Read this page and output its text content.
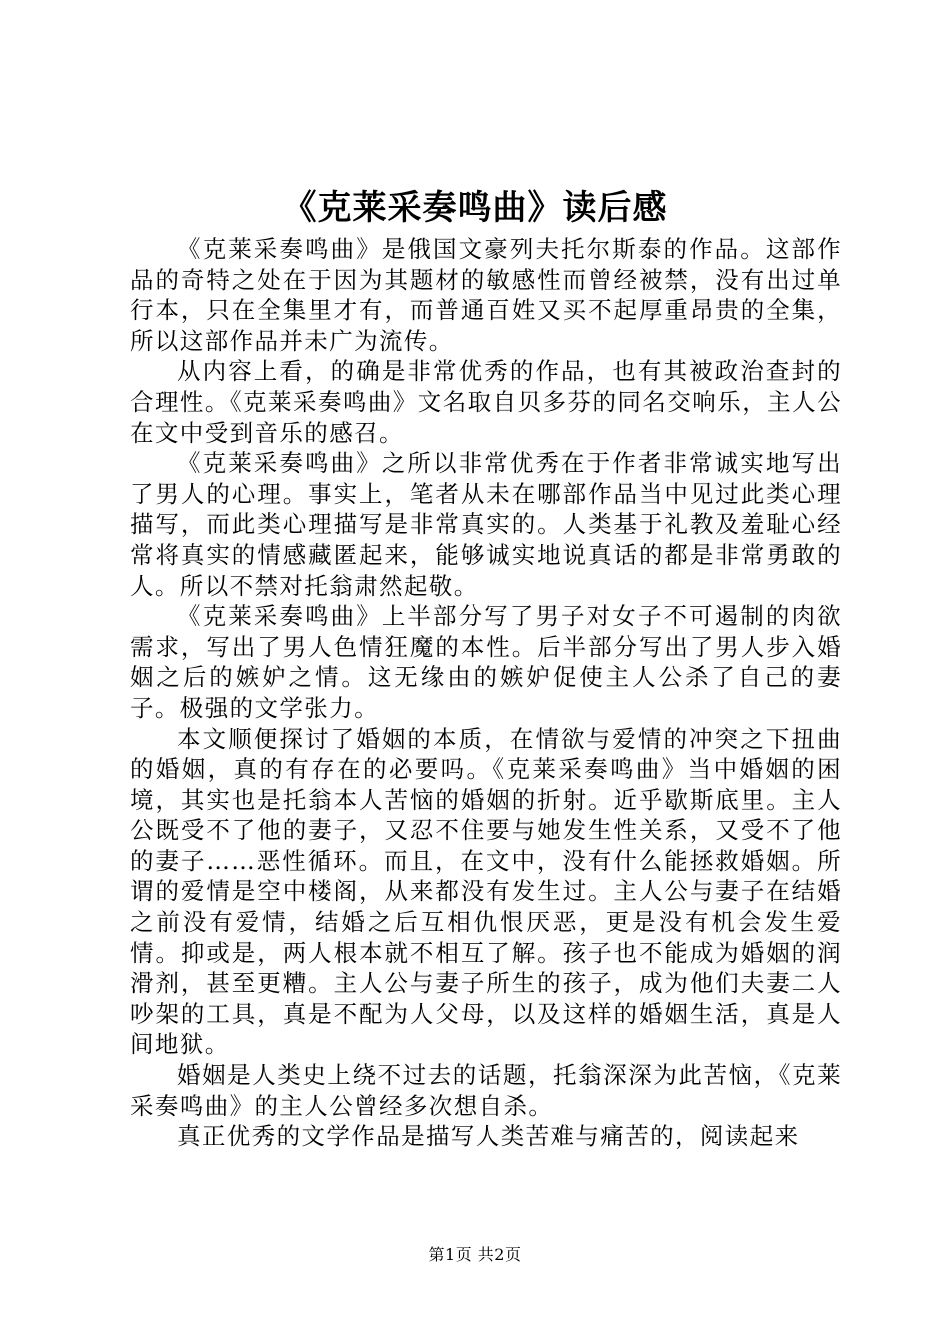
《克莱采奏鸣曲》读后感

《克莱采奏鸣曲》是俄国文豪列夫托尔斯泰的作品。这部作品的奇特之处在于因为其题材的敏感性而曾经被禁，没有出过单行本，只在全集里才有，而普通百姓又买不起厚重昂贵的全集，所以这部作品并未广为流传。

从内容上看，的确是非常优秀的作品，也有其被政治查封的合理性。《克莱采奏鸣曲》文名取自贝多芬的同名交响乐，主人公在文中受到音乐的感召。

《克莱采奏鸣曲》之所以非常优秀在于作者非常诚实地写出了男人的心理。事实上，笔者从未在哪部作品当中见过此类心理描写，而此类心理描写是非常真实的。人类基于礼教及羞耻心经常将真实的情感藏匿起来，能够诚实地说真话的都是非常勇敢的人。所以不禁对托翁肃然起敬。

《克莱采奏鸣曲》上半部分写了男子对女子不可遏制的肉欲需求，写出了男人色情狂魔的本性。后半部分写出了男人步入婚姻之后的嫉妒之情。这无缘由的嫉妒促使主人公杀了自己的妻子。极强的文学张力。

本文顺便探讨了婚姻的本质，在情欲与爱情的冲突之下扭曲的婚姻，真的有存在的必要吗。《克莱采奏鸣曲》当中婚姻的困境，其实也是托翁本人苦恼的婚姻的折射。近乎歇斯底里。主人公既受不了他的妻子，又忍不住要与她发生性关系，又受不了他的妻子……恶性循环。而且，在文中，没有什么能拯救婚姻。所谓的爱情是空中楼阁，从来都没有发生过。主人公与妻子在结婚之前没有爱情，结婚之后互相仇恨厌恶，更是没有机会发生爱情。抑或是，两人根本就不相互了解。孩子也不能成为婚姻的润滑剂，甚至更糟。主人公与妻子所生的孩子，成为他们夫妻二人吵架的工具，真是不配为人父母，以及这样的婚姻生活，真是人间地狱。

婚姻是人类史上绕不过去的话题，托翁深深为此苦恼，《克莱采奏鸣曲》的主人公曾经多次想自杀。

真正优秀的文学作品是描写人类苦难与痛苦的，阅读起来

第1页 共2页
